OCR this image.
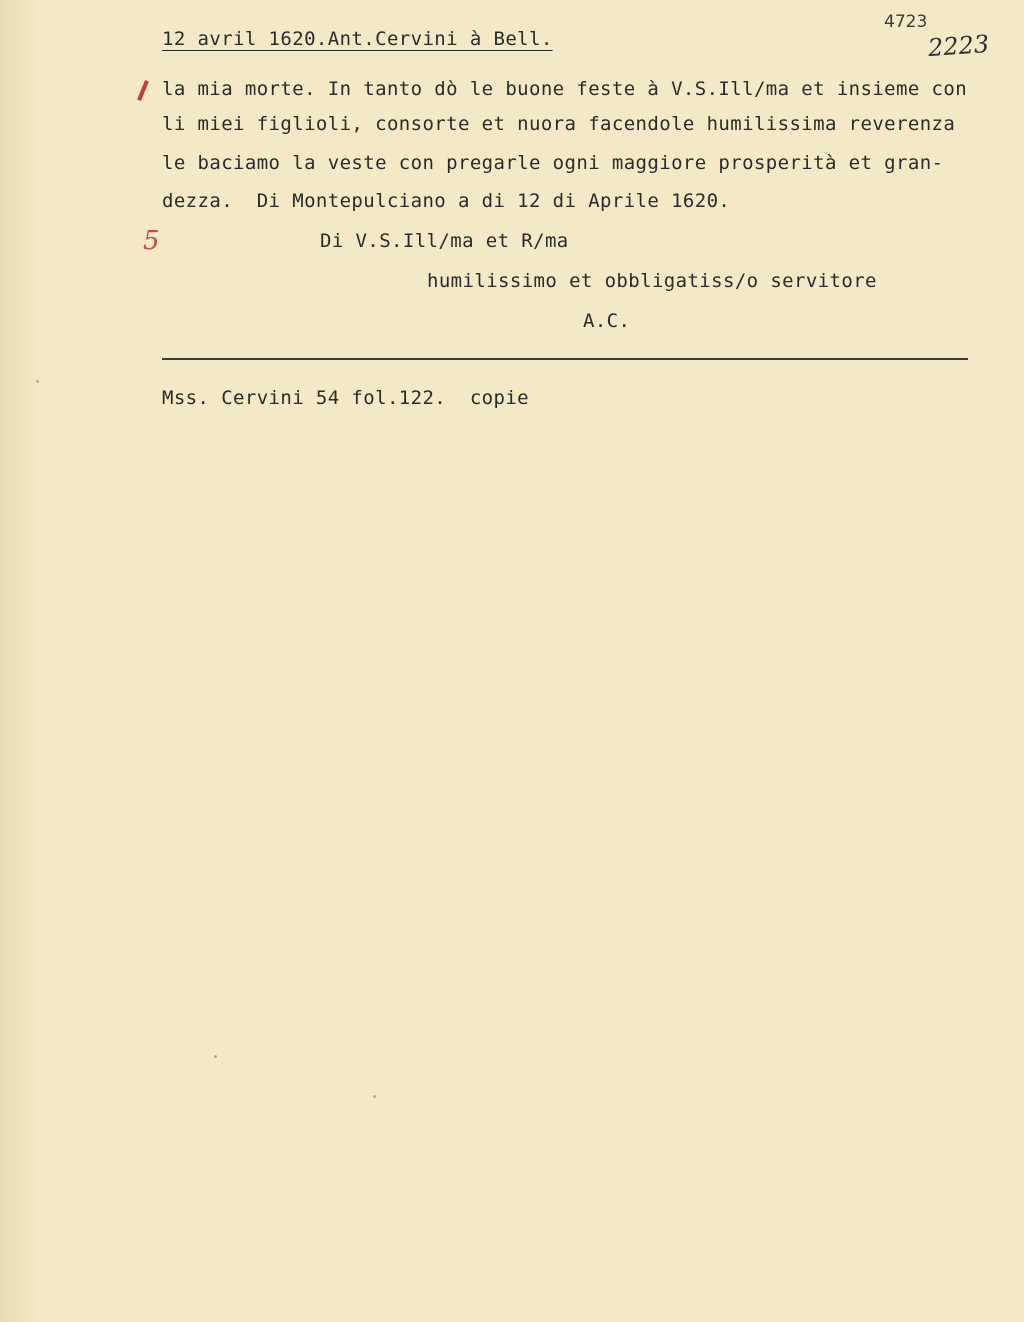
12 avril 1620.Ant.Cervini à Bell.
4723
2223
5
la mia morte. In tanto dò le buone feste à V.S.Ill/ma et insieme con
li miei figlioli, consorte et nuora facendole humilissima reverenza
le baciamo la veste con pregarle ogni maggiore prosperità et gran-
dezza.  Di Montepulciano a di 12 di Aprile 1620.
Di V.S.Ill/ma et R/ma
humilissimo et obbligatiss/o servitore
A.C.
Mss. Cervini 54 fol.122.  copie
